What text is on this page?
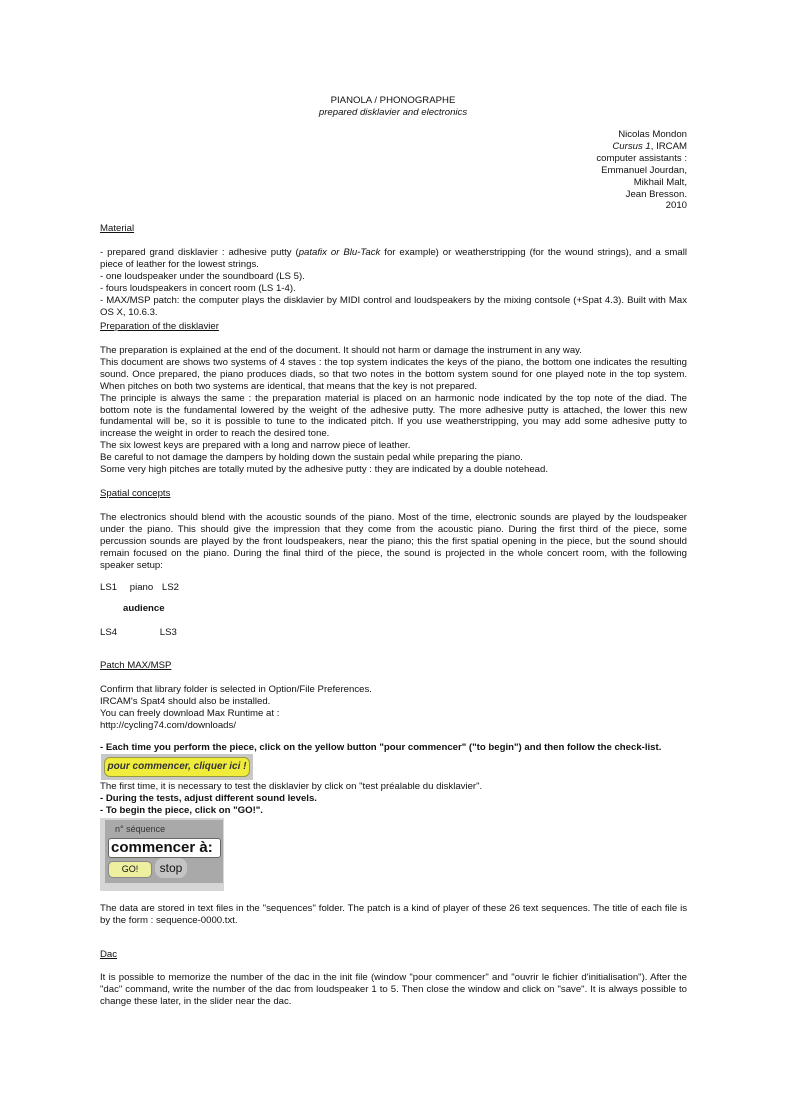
PIANOLA / PHONOGRAPHE
prepared disklavier and electronics

Nicolas Mondon

Cursus 1, IRCAM

computer assistants :

Emmanuel Jourdan,

Mikhail Malt,

Jean Bresson.

2010

Material

- prepared grand disklavier : adhesive putty (patafix or Blu-Tack for example) or weatherstripping (for the wound strings), and a small piece of leather for the lowest strings.

- one loudspeaker under the soundboard (LS 5).

- fours loudspeakers in concert room (LS 1-4).

- MAX/MSP patch: the computer plays the disklavier by MIDI control and loudspeakers by the mixing contsole (+Spat 4.3). Built with Max OS X, 10.6.3.

Preparation of the disklavier

The preparation is explained at the end of the document. It should not harm or damage the instrument in any way.

This document are shows two systems of 4 staves : the top system indicates the keys of the piano, the bottom one indicates the resulting sound. Once prepared, the piano produces diads, so that two notes in the bottom system sound for one played note in the top system. When pitches on both two systems are identical, that means that the key is not prepared.

The principle is always the same : the preparation material is placed on an harmonic node indicated by the top note of the diad. The bottom note is the fundamental lowered by the weight of the adhesive putty. The more adhesive putty is attached, the lower this new fundamental will be, so it is possible to tune to the indicated pitch. If you use weatherstripping, you may add some adhesive putty to increase the weight in order to reach the desired tone.

The six lowest keys are prepared with a long and narrow piece of leather.

Be careful to not damage the dampers by holding down the sustain pedal while preparing the piano.

Some very high pitches are totally muted by the adhesive putty : they are indicated by a double notehead.

Spatial concepts
The electronics should blend with the acoustic sounds of the piano. Most of the time, electronic sounds are played by the loudspeaker under the piano. This should give the impression that they come from the acoustic piano. During the first third of the piece, some percussion sounds are played by the front loudspeakers, near the piano; this the first spatial opening in the piece, but the sound should remain focused on the piano. During the final third of the piece, the sound is projected in the whole concert room, with the following speaker setup:
LS1 piano LS2
audience
LS4	LS3
Patch MAX/MSP

Confirm that library folder is selected in Option/File Preferences.

IRCAM's Spat4 should also be installed.

You can freely download Max Runtime at :

http://cycling74.com/downloads/

- Each time you perform the piece, click on the yellow button "pour commencer" ("to begin") and then follow the check-list.
pour commencer, cliquer ici !
The first time, it is necessary to test the disklavier by click on "test préalable du disklavier".
- During the tests, adjust different sound levels.
- To begin the piece, click on "GO!".
n° séquence
commencer à:
GO!	stop
The data are stored in text files in the "sequences" folder. The patch is a kind of player of these 26 text sequences. The title of each file is by the form : sequence-0000.txt.
Dac
It is possible to memorize the number of the dac in the init file (window "pour commencer" and "ouvrir le fichier d'initialisation"). After the "dac" command, write the number of the dac from loudspeaker 1 to 5. Then close the window and click on "save". It is always possible to change these later, in the slider near the dac.
